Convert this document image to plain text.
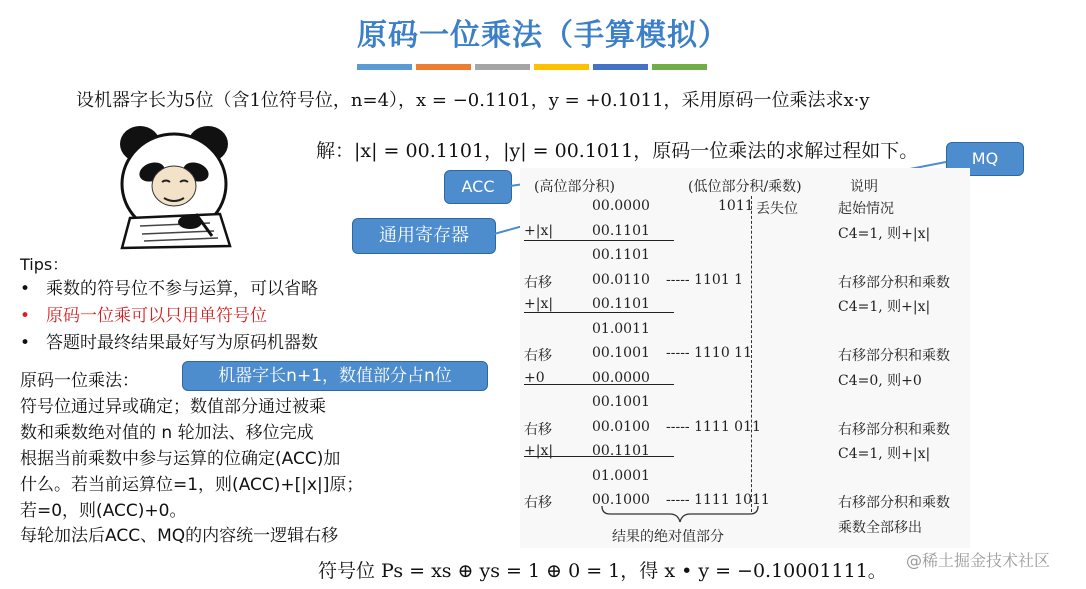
原码一位乘法（手算模拟）
设机器字长为5位（含1位符号位，n=4），x = −0.1101，y = +0.1011，采用原码一位乘法求x·y
解：|x| = 00.1101，|y| = 00.1011，原码一位乘法的求解过程如下。	MQ
ACC
通用寄存器
(高位部分积)	(低位部分积/乘数)	说明
丢失位
00.0000	1011	起始情况
+|x|	00.1101	C4=1, 则+|x|
00.1101
右移	00.0110 ----- 1101 1	右移部分积和乘数
+|x|	00.1101	C4=1, 则+|x|
01.0011
右移	00.1001 ----- 1110 11	右移部分积和乘数
+0	00.0000	C4=0, 则+0
00.1001
右移	00.0100 ----- 1111 011	右移部分积和乘数
+|x|	00.1101	C4=1, 则+|x|
01.0001
右移	00.1000 ----- 1111 1011	右移部分积和乘数
乘数全部移出
结果的绝对值部分
Tips：
• 乘数的符号位不参与运算，可以省略
• 原码一位乘可以只用单符号位
• 答题时最终结果最好写为原码机器数
原码一位乘法：	机器字长n+1，数值部分占n位
符号位通过异或确定；数值部分通过被乘
数和乘数绝对值的 n 轮加法、移位完成
根据当前乘数中参与运算的位确定(ACC)加
什么。若当前运算位=1，则(ACC)+[|x|]原；
若=0，则(ACC)+0。
每轮加法后ACC、MQ的内容统一逻辑右移
符号位 Ps = xs ⊕ ys = 1 ⊕ 0 = 1，得 x • y = −0.10001111。 @稀土掘金技术社区
